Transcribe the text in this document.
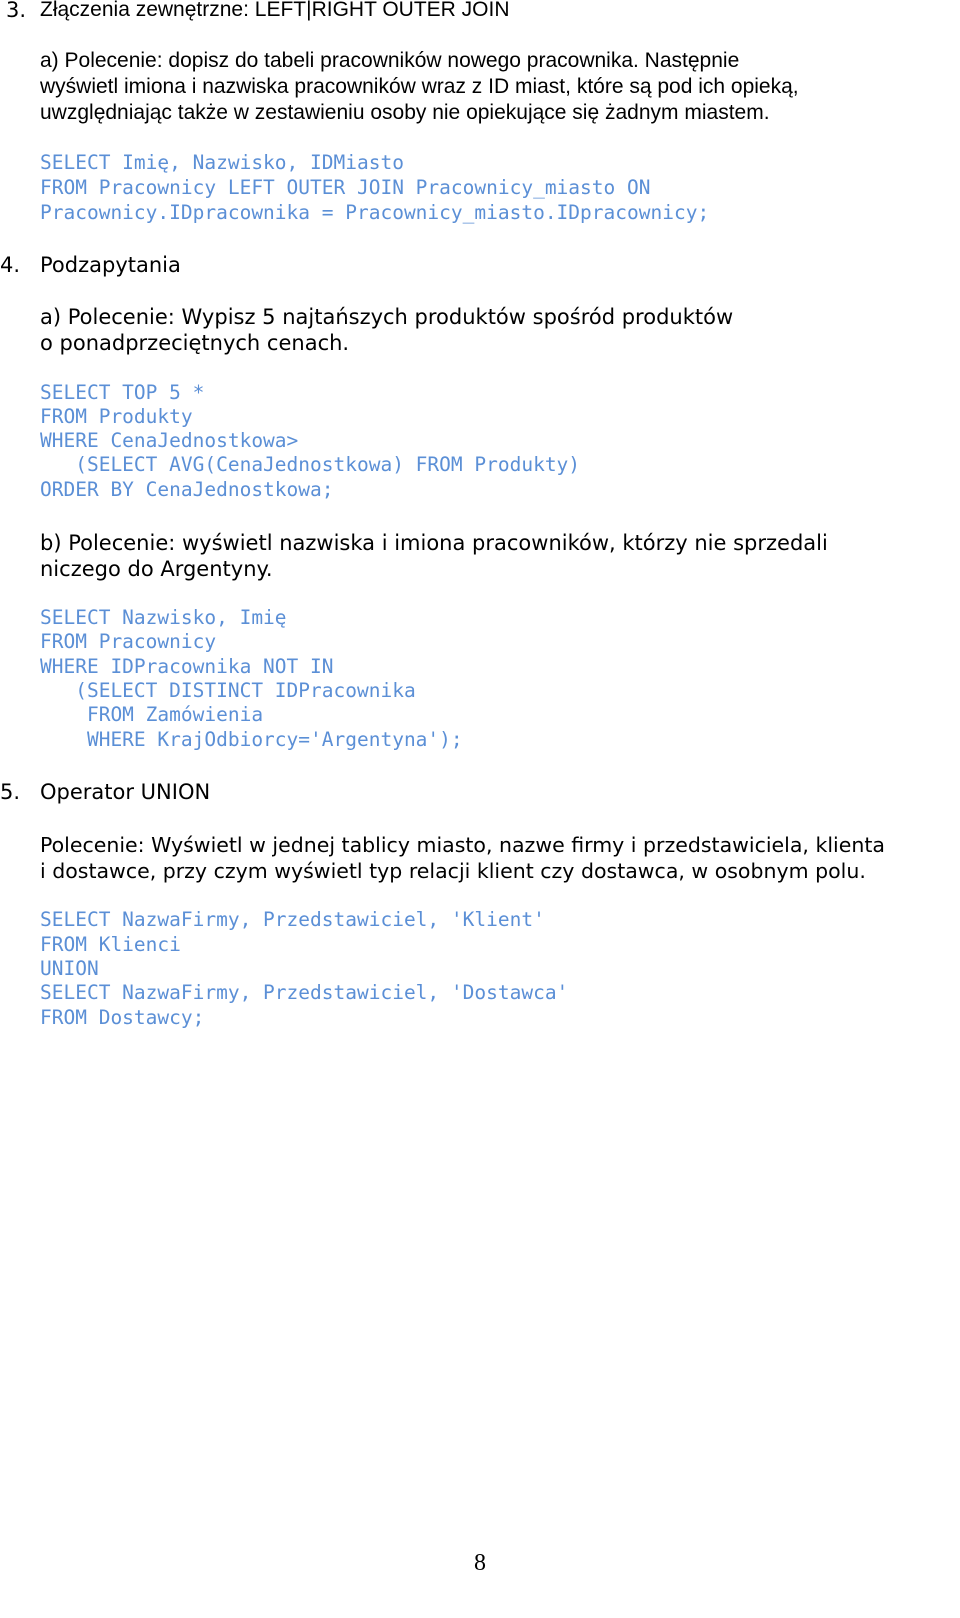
3. Złączenia zewnętrzne: LEFT|RIGHT OUTER JOIN
a) Polecenie: dopisz do tabeli pracowników nowego pracownika. Następnie
wyświetl imiona i nazwiska pracowników wraz z ID miast, które są pod ich opieką,
uwzględniając także w zestawieniu osoby nie opiekujące się żadnym miastem.
SELECT Imię, Nazwisko, IDMiasto
FROM Pracownicy LEFT OUTER JOIN Pracownicy_miasto ON
Pracownicy.IDpracownika = Pracownicy_miasto.IDpracownicy;
4. Podzapytania
a) Polecenie: Wypisz 5 najtańszych produktów spośród produktów
o ponadprzeciętnych cenach.
SELECT TOP 5 *
FROM Produkty
WHERE CenaJednostkowa>
(SELECT AVG(CenaJednostkowa) FROM Produkty)
ORDER BY CenaJednostkowa;
b) Polecenie: wyświetl nazwiska i imiona pracowników, którzy nie sprzedali
niczego do Argentyny.
SELECT Nazwisko, Imię
FROM Pracownicy
WHERE IDPracownika NOT IN
(SELECT DISTINCT IDPracownika
FROM Zamówienia
WHERE KrajOdbiorcy='Argentyna');
5. Operator UNION
Polecenie: Wyświetl w jednej tablicy miasto, nazwe firmy i przedstawiciela, klienta
i dostawce, przy czym wyświetl typ relacji klient czy dostawca, w osobnym polu.
SELECT NazwaFirmy, Przedstawiciel, 'Klient'
FROM Klienci
UNION
SELECT NazwaFirmy, Przedstawiciel, 'Dostawca'
FROM Dostawcy;
8
